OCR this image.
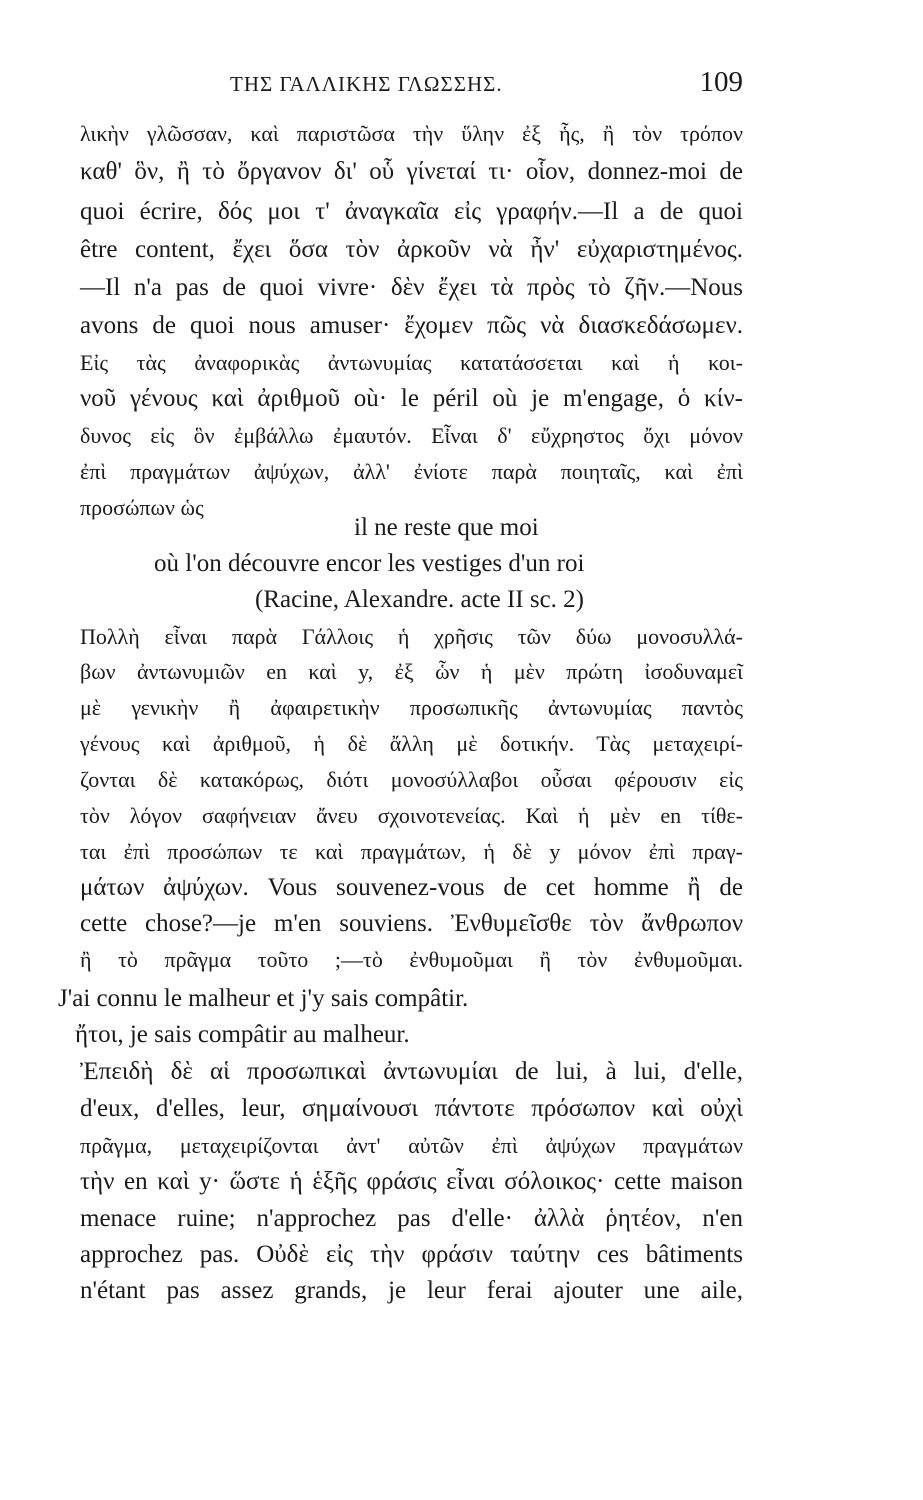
ΤΗΣ ΓΑΛΛΙΚΗΣ ΓΛΩΣΣΗΣ.	109
λικὴν γλῶσσαν, καὶ παριστῶσα τὴν ὕλην ἐξ ἧς, ἢ τὸν τρόπον
καθ' ὃν, ἢ τὸ ὄργανον δι' οὗ γίνεταί τι· οἷον, donnez-moi de
quoi écrire, δός μοι τ' ἀναγκαῖα εἰς γραφήν.—Il a de quoi
être content, ἔχει ὅσα τὸν ἀρκοῦν νὰ ἦν' εὐχαριστημένος.
—Il n'a pas de quoi vivre· δὲν ἔχει τὰ πρὸς τὸ ζῆν.—Nous
avons de quoi nous amuser· ἔχομεν πῶς νὰ διασκεδάσωμεν.
Εἰς τὰς ἀναφορικὰς ἀντωνυμίας κατατάσσεται καὶ ἡ κοι-
νοῦ γένους καὶ ἀριθμοῦ où· le péril où je m'engage, ὁ κίν-
δυνος εἰς ὃν ἐμβάλλω ἐμαυτόν. Εἶναι δ' εὔχρηστος ὄχι μόνον
ἐπὶ πραγμάτων ἀψύχων, ἀλλ' ἐνίοτε παρὰ ποιηταῖς, καὶ ἐπὶ
προσώπων ὡς
il ne reste que moi
où l'on découvre encor les vestiges d'un roi
(Racine, Alexandre. acte II sc. 2)
Πολλὴ εἶναι παρὰ Γάλλοις ἡ χρῆσις τῶν δύω μονοσυλλά-
βων ἀντωνυμιῶν en καὶ y, ἐξ ὧν ἡ μὲν πρώτη ἰσοδυναμεῖ
μὲ γενικὴν ἢ ἀφαιρετικὴν προσωπικῆς ἀντωνυμίας παντὸς
γένους καὶ ἀριθμοῦ, ἡ δὲ ἄλλη μὲ δοτικήν. Τὰς μεταχειρί-
ζονται δὲ κατακόρως, διότι μονοσύλλαβοι οὖσαι φέρουσιν εἰς
τὸν λόγον σαφήνειαν ἄνευ σχοινοτενείας. Καὶ ἡ μὲν en τίθε-
ται ἐπὶ προσώπων τε καὶ πραγμάτων, ἡ δὲ y μόνον ἐπὶ πραγ-
μάτων ἀψύχων. Vous souvenez-vous de cet homme ἢ de
cette chose?—je m'en souviens. Ἐνθυμεῖσθε τὸν ἄνθρωπον
ἢ τὸ πρᾶγμα τοῦτο ;—τὸ ἐνθυμοῦμαι ἢ τὸν ἐνθυμοῦμαι.
J'ai connu le malheur et j'y sais compâtir.
ἤτοι, je sais compâtir au malheur.
Ἐπειδὴ δὲ αἱ προσωπικαὶ ἀντωνυμίαι de lui, à lui, d'elle,
d'eux, d'elles, leur, σημαίνουσι πάντοτε πρόσωπον καὶ οὐχὶ
πρᾶγμα, μεταχειρίζονται ἀντ' αὐτῶν ἐπὶ ἀψύχων πραγμάτων
τὴν en καὶ y· ὥστε ἡ ἑξῆς φράσις εἶναι σόλοικος· cette maison
menace ruine; n'approchez pas d'elle· ἀλλὰ ῥητέον, n'en
approchez pas. Οὐδὲ εἰς τὴν φράσιν ταύτην ces bâtiments
n'étant pas assez grands, je leur ferai ajouter une aile,
